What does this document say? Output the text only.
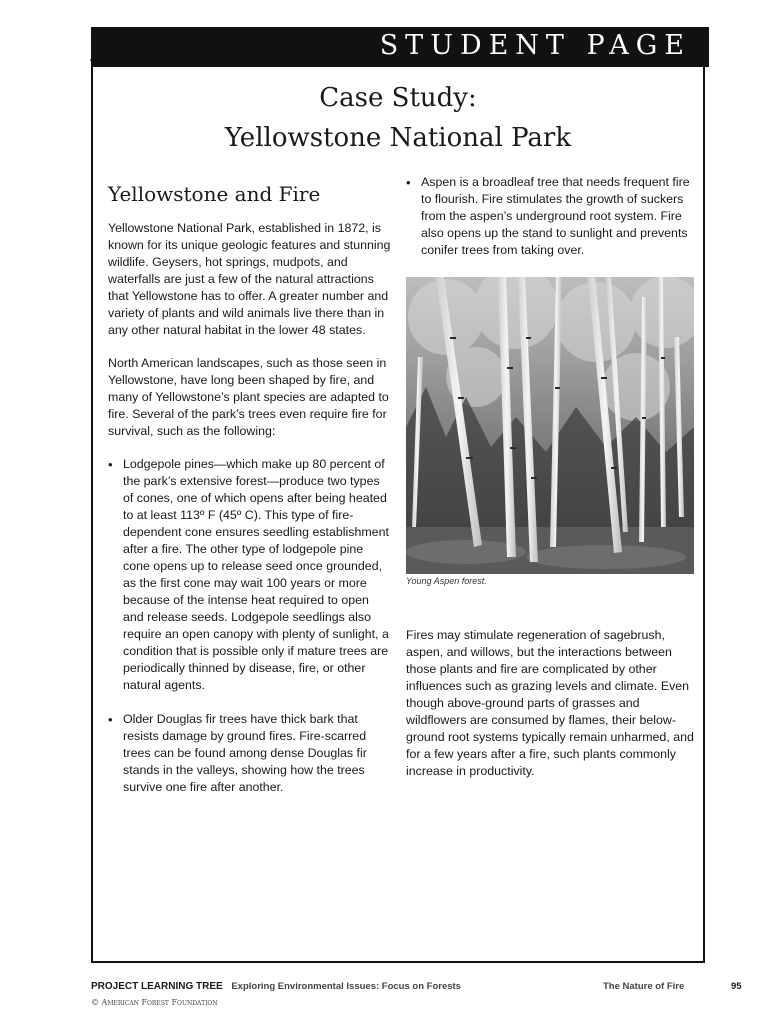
STUDENT PAGE
Case Study:
Yellowstone National Park
Yellowstone and Fire

Yellowstone National Park, established in 1872, is known for its unique geologic features and stunning wildlife. Geysers, hot springs, mudpots, and waterfalls are just a few of the natural attractions that Yellowstone has to offer. A greater number and variety of plants and wild animals live there than in any other natural habitat in the lower 48 states.

North American landscapes, such as those seen in Yellowstone, have long been shaped by fire, and many of Yellowstone’s plant species are adapted to fire. Several of the park’s trees even require fire for survival, such as the following:

• Lodgepole pines—which make up 80 percent of the park’s extensive forest—produce two types of cones, one of which opens after being heated to at least 113º F (45º C). This type of fire-dependent cone ensures seedling establishment after a fire. The other type of lodgepole pine cone opens up to release seed once grounded, as the first cone may wait 100 years or more because of the intense heat required to open and release seeds. Lodgepole seedlings also require an open canopy with plenty of sunlight, a condition that is possible only if mature trees are periodically thinned by disease, fire, or other natural agents.
• Older Douglas fir trees have thick bark that resists damage by ground fires. Fire-scarred trees can be found among dense Douglas fir stands in the valleys, showing how the trees survive one fire after another.
• Aspen is a broadleaf tree that needs frequent fire to flourish. Fire stimulates the growth of suckers from the aspen’s underground root system. Fire also opens up the stand to sunlight and prevents conifer trees from taking over.
Young Aspen forest.

Fires may stimulate regeneration of sagebrush, aspen, and willows, but the interactions between those plants and fire are complicated by other influences such as grazing levels and climate. Even though above-ground parts of grasses and wildflowers are consumed by flames, their below-ground root systems typically remain unharmed, and for a few years after a fire, such plants commonly increase in productivity.

PROJECT LEARNING TREE Exploring Environmental Issues: Focus on Forests	The Nature of Fire	95
© American Forest Foundation
